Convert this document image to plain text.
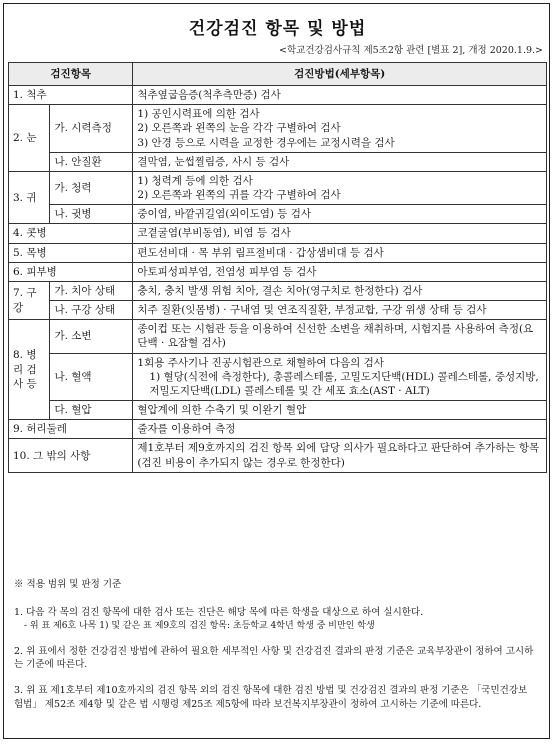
건강검진 항목 및 방법
<학교건강검사규칙 제5조2항 관련 [별표 2], 개정 2020.1.9.>
검진항목		검진방법(세부항목)
1. 척추		척추옆굽음증(척추측만증) 검사
2. 눈	가. 시력측정	1) 공인시력표에 의한 검사
2) 오른쪽과 왼쪽의 눈을 각각 구별하여 검사
3) 안경 등으로 시력을 교정한 경우에는 교정시력을 검사

	나. 안질환	결막염, 눈썹찔림증, 사시 등 검사
3. 귀	가. 청력	1) 청력계 등에 의한 검사
2) 오른쪽과 왼쪽의 귀를 각각 구별하여 검사

	나. 귓병	중이염, 바깥귀길염(외이도염) 등 검사
4. 콧병		코곁굴염(부비동염), 비염 등 검사
5. 목병		편도선비대 · 목 부위 림프절비대 · 갑상샘비대 등 검사
6. 피부병		아토피성피부염, 전염성 피부염 등 검사
7. 구강	가. 치아 상태	충치, 충치 발생 위험 치아, 결손 치아(영구치로 한정한다) 검사
	나. 구강 상태	치주 질환(잇몸병) · 구내염 및 연조직질환, 부정교합, 구강 위생 상태 등 검사
8. 병리 검사 등	가. 소변	종이컵 또는 시험관 등을 이용하여 신선한 소변을 채취하며, 시험지를 사용하여 측정(요단백 · 요잠혈 검사)
	나. 혈액	1회용 주사기나 진공시험관으로 채혈하여 다음의 검사
1) 혈당(식전에 측정한다), 총콜레스테롤, 고밀도지단백(HDL) 콜레스테롤, 중성지방, 저밀도지단백(LDL) 콜레스테롤 및 간 세포 효소(AST · ALT)

	다. 혈압	혈압계에 의한 수축기 및 이완기 혈압
9. 허리둘레		줄자를 이용하여 측정
10. 그 밖의 사항		제1호부터 제9호까지의 검진 항목 외에 담당 의사가 필요하다고 판단하여 추가하는 항목(검진 비용이 추가되지 않는 경우로 한정한다)

※ 적용 범위 및 판정 기준

1. 다음 각 목의 검진 항목에 대한 검사 또는 진단은 해당 목에 따른 학생을 대상으로 하여 실시한다.

- 위 표 제6호 나목 1) 및 같은 표 제9호의 검진 항목: 초등학교 4학년 학생 중 비만인 학생

2. 위 표에서 정한 건강검진 방법에 관하여 필요한 세부적인 사항 및 건강검진 결과의 판정 기준은 교육부장관이 정하여 고시하는 기준에 따른다.

3. 위 표 제1호부터 제10호까지의 검진 항목 외의 검진 항목에 대한 검진 방법 및 건강검진 결과의 판정 기준은 「국민건강보험법」 제52조 제4항 및 같은 법 시행령 제25조 제5항에 따라 보건복지부장관이 정하여 고시하는 기준에 따른다.
